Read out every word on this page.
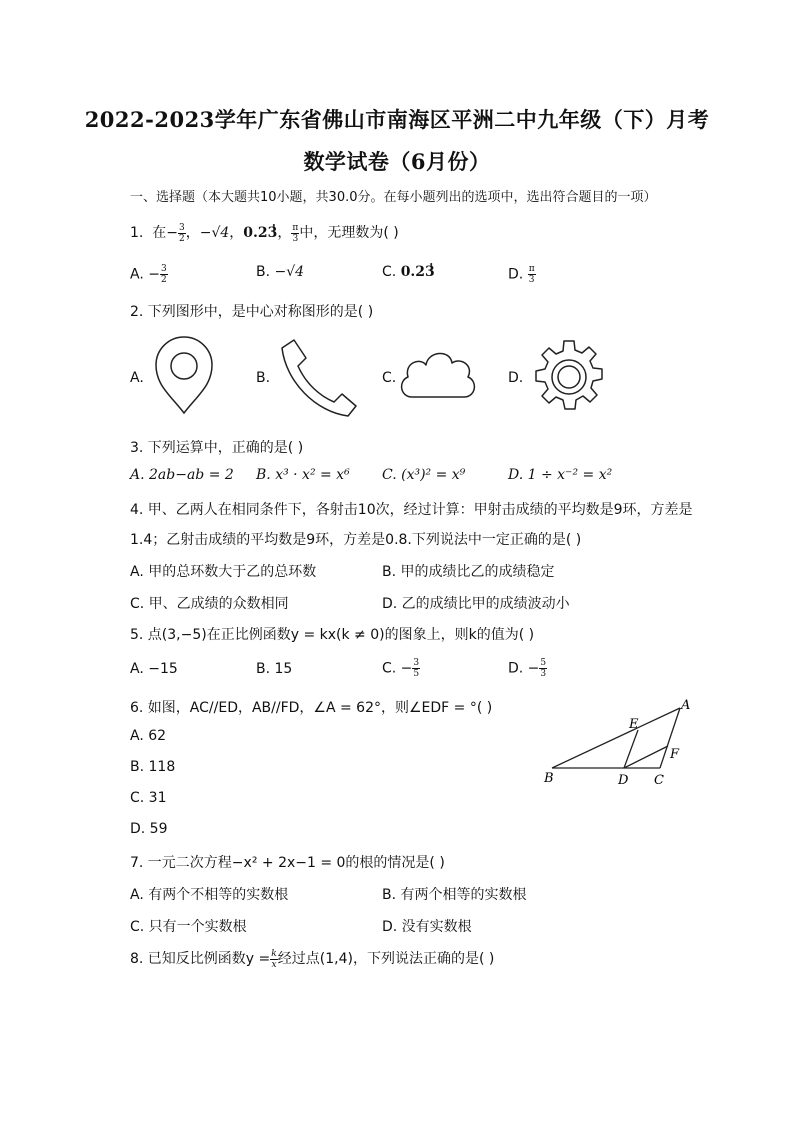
2022-2023学年广东省佛山市南海区平洲二中九年级（下）月考
数学试卷（6月份）
一、选择题（本大题共10小题，共30.0分。在每小题列出的选项中，选出符合题目的一项）
1. 在− $\frac{3}{2}$ ，−√4，0.23̇̇， $\frac{\pi}{3}$ 中，无理数为( )
A. − $\frac{3}{2}$	B. −√4	C. 0.23̇̇	D. $\frac{\pi}{3}$
2. 下列图形中，是中心对称图形的是( )
A.	B.	C.	D.
3. 下列运算中，正确的是( )
A. 2ab−ab = 2 B. x³ · x² = x⁶ C. (x³)² = x⁹	D. 1 ÷ x⁻² = x²
4. 甲、乙两人在相同条件下，各射击10次，经过计算：甲射击成绩的平均数是9环，方差是
1.4；乙射击成绩的平均数是9环，方差是0.8.下列说法中一定正确的是( )
A. 甲的总环数大于乙的总环数	B. 甲的成绩比乙的成绩稳定
C. 甲、乙成绩的众数相同	D. 乙的成绩比甲的成绩波动小
5. 点(3,−5)在正比例函数y = kx(k ≠ 0)的图象上，则k的值为( )
A. −15	B. 15	C. − $\frac{3}{5}$	D. − $\frac{5}{3}$
6. 如图，AC//ED，AB//FD，∠A = 62°，则∠EDF = °( )
A. 62
B. 118
C. 31
D. 59
A
B	C
D
E
F
7. 一元二次方程−x² + 2x−1 = 0的根的情况是( )
A. 有两个不相等的实数根	B. 有两个相等的实数根
C. 只有一个实数根	D. 没有实数根
8. 已知反比例函数$y = \frac{k}{x}$ 经过点(1,4)，下列说法正确的是( )
